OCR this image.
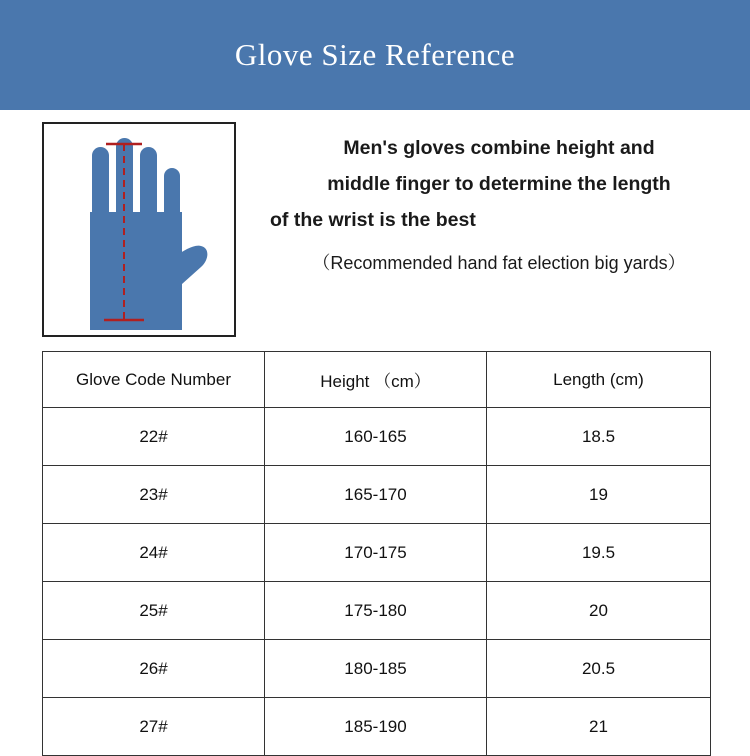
Glove Size Reference
Men's gloves combine height and
middle finger to determine the length
of the wrist is the best
（Recommended hand fat election big yards）
Glove Code Number	Height （cm）	Length (cm)
22#	160-165	18.5
23#	165-170	19
24#	170-175	19.5
25#	175-180	20
26#	180-185	20.5
27#	185-190	21
